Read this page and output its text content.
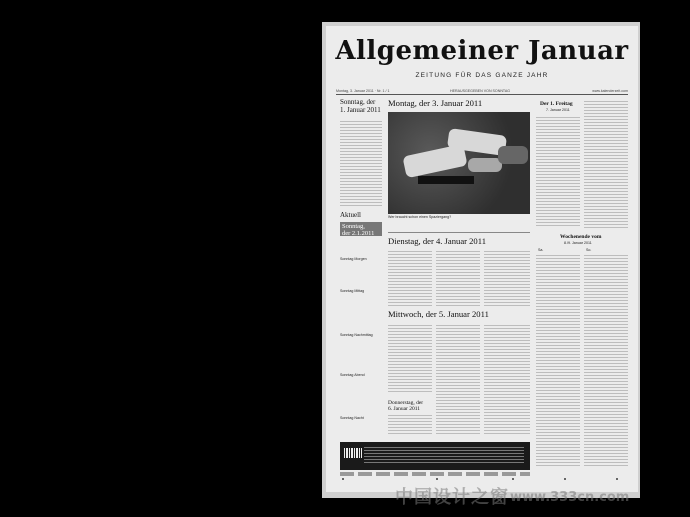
Allgemeiner Januar
ZEITUNG FÜR DAS GANZE JAHR
Montag, 3. Januar 2011 · Nr. 1 / 1	HERAUSGEGEBEN VON SONNTAG	www.kalenderzeit.com
Sonntag, der
1. Januar 2011
Aktuell
Sonntag,
der 2.1.2011
Sonntag Morgen
Sonntag Mittag
Sonntag Nachmittag
Sonntag Abend
Sonntag Nacht
Montag, der 3. Januar 2011
Wer braucht schon einen Spaziergang?
Dienstag, der 4. Januar 2011
Mittwoch, der 5. Januar 2011
Donnerstag, der
6. Januar 2011
Der 1. Freitag
7. Januar 2011
Wochenende vom
8./9. Januar 2011
Sa.	So.
中国设计之窗 www.333cn.com
